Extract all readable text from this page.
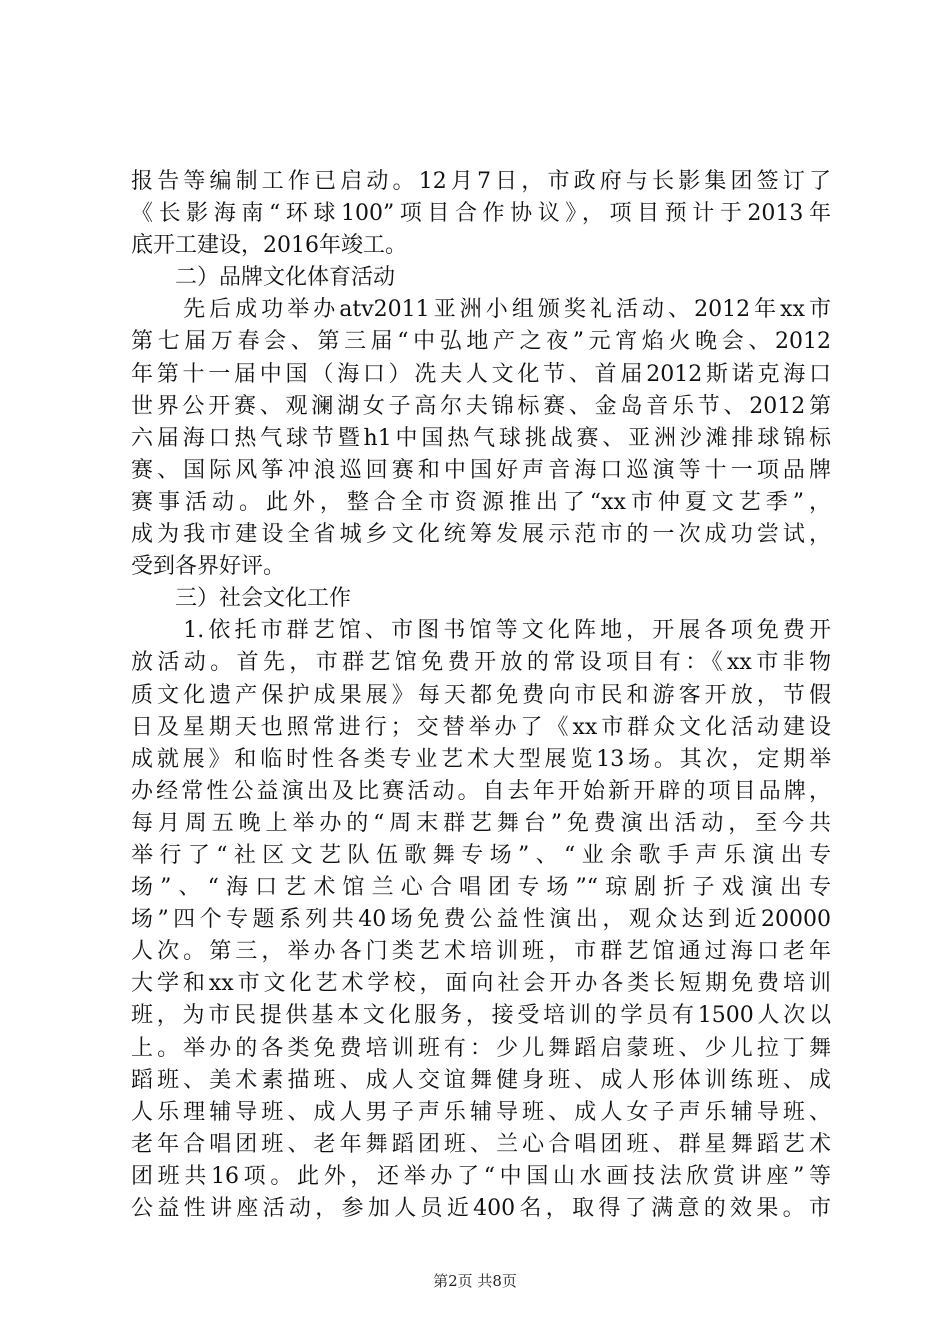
报告等编制工作已启动。12月7日，市政府与长影集团签订了
《长影海南“环球100”项目合作协议》，项目预计于2013年
底开工建设，2016年竣工。
　　二）品牌文化体育活动
　　先后成功举办atv2011亚洲小组颁奖礼活动、2012年xx市
第七届万春会、第三届“中弘地产之夜”元宵焰火晚会、2012
年第十一届中国（海口）冼夫人文化节、首届2012斯诺克海口
世界公开赛、观澜湖女子高尔夫锦标赛、金岛音乐节、2012第
六届海口热气球节暨h1中国热气球挑战赛、亚洲沙滩排球锦标
赛、国际风筝冲浪巡回赛和中国好声音海口巡演等十一项品牌
赛事活动。此外，整合全市资源推出了“xx市仲夏文艺季”，
成为我市建设全省城乡文化统筹发展示范市的一次成功尝试，
受到各界好评。
　　三）社会文化工作
　　1.依托市群艺馆、市图书馆等文化阵地，开展各项免费开
放活动。首先，市群艺馆免费开放的常设项目有：《xx市非物
质文化遗产保护成果展》每天都免费向市民和游客开放，节假
日及星期天也照常进行；交替举办了《xx市群众文化活动建设
成就展》和临时性各类专业艺术大型展览13场。其次，定期举
办经常性公益演出及比赛活动。自去年开始新开辟的项目品牌，
每月周五晚上举办的“周末群艺舞台”免费演出活动，至今共
举行了“社区文艺队伍歌舞专场”、“业余歌手声乐演出专
场”、“海口艺术馆兰心合唱团专场”“琼剧折子戏演出专
场”四个专题系列共40场免费公益性演出，观众达到近20000
人次。第三，举办各门类艺术培训班，市群艺馆通过海口老年
大学和xx市文化艺术学校，面向社会开办各类长短期免费培训
班，为市民提供基本文化服务，接受培训的学员有1500人次以
上。举办的各类免费培训班有：少儿舞蹈启蒙班、少儿拉丁舞
蹈班、美术素描班、成人交谊舞健身班、成人形体训练班、成
人乐理辅导班、成人男子声乐辅导班、成人女子声乐辅导班、
老年合唱团班、老年舞蹈团班、兰心合唱团班、群星舞蹈艺术
团班共16项。此外，还举办了“中国山水画技法欣赏讲座”等
公益性讲座活动，参加人员近400名，取得了满意的效果。市
第2页 共8页
